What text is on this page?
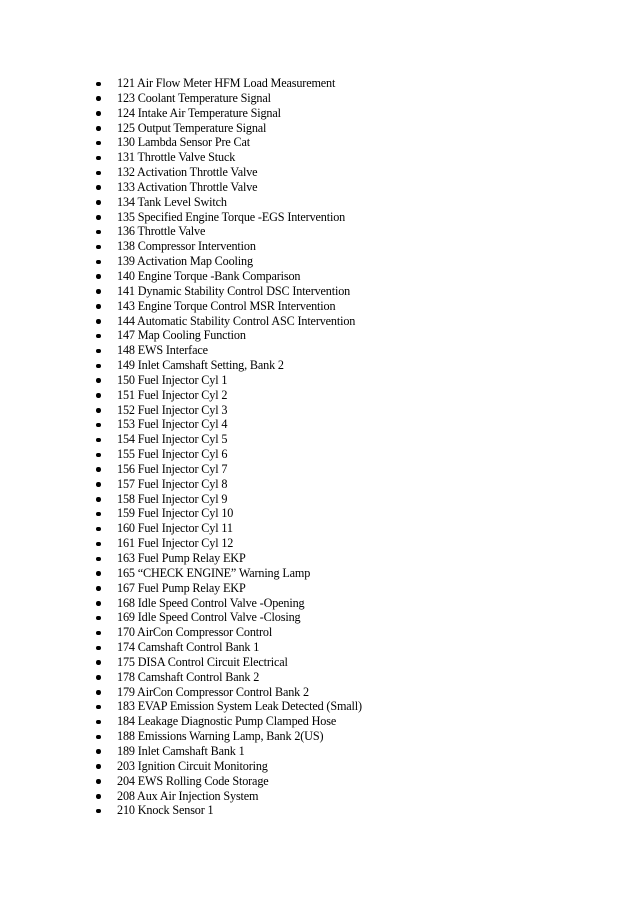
121 Air Flow Meter HFM Load Measurement
123 Coolant Temperature Signal
124 Intake Air Temperature Signal
125 Output Temperature Signal
130 Lambda Sensor Pre Cat
131 Throttle Valve Stuck
132 Activation Throttle Valve
133 Activation Throttle Valve
134 Tank Level Switch
135 Specified Engine Torque -EGS Intervention
136 Throttle Valve
138 Compressor Intervention
139 Activation Map Cooling
140 Engine Torque -Bank Comparison
141 Dynamic Stability Control DSC Intervention
143 Engine Torque Control MSR Intervention
144 Automatic Stability Control ASC Intervention
147 Map Cooling Function
148 EWS Interface
149 Inlet Camshaft Setting, Bank 2
150 Fuel Injector Cyl 1
151 Fuel Injector Cyl 2
152 Fuel Injector Cyl 3
153 Fuel Injector Cyl 4
154 Fuel Injector Cyl 5
155 Fuel Injector Cyl 6
156 Fuel Injector Cyl 7
157 Fuel Injector Cyl 8
158 Fuel Injector Cyl 9
159 Fuel Injector Cyl 10
160 Fuel Injector Cyl 11
161 Fuel Injector Cyl 12
163 Fuel Pump Relay EKP
165 “CHECK ENGINE” Warning Lamp
167 Fuel Pump Relay EKP
168 Idle Speed Control Valve -Opening
169 Idle Speed Control Valve -Closing
170 AirCon Compressor Control
174 Camshaft Control Bank 1
175 DISA Control Circuit Electrical
178 Camshaft Control Bank 2
179 AirCon Compressor Control Bank 2
183 EVAP Emission System Leak Detected (Small)
184 Leakage Diagnostic Pump Clamped Hose
188 Emissions Warning Lamp, Bank 2(US)
189 Inlet Camshaft Bank 1
203 Ignition Circuit Monitoring
204 EWS Rolling Code Storage
208 Aux Air Injection System
210 Knock Sensor 1
